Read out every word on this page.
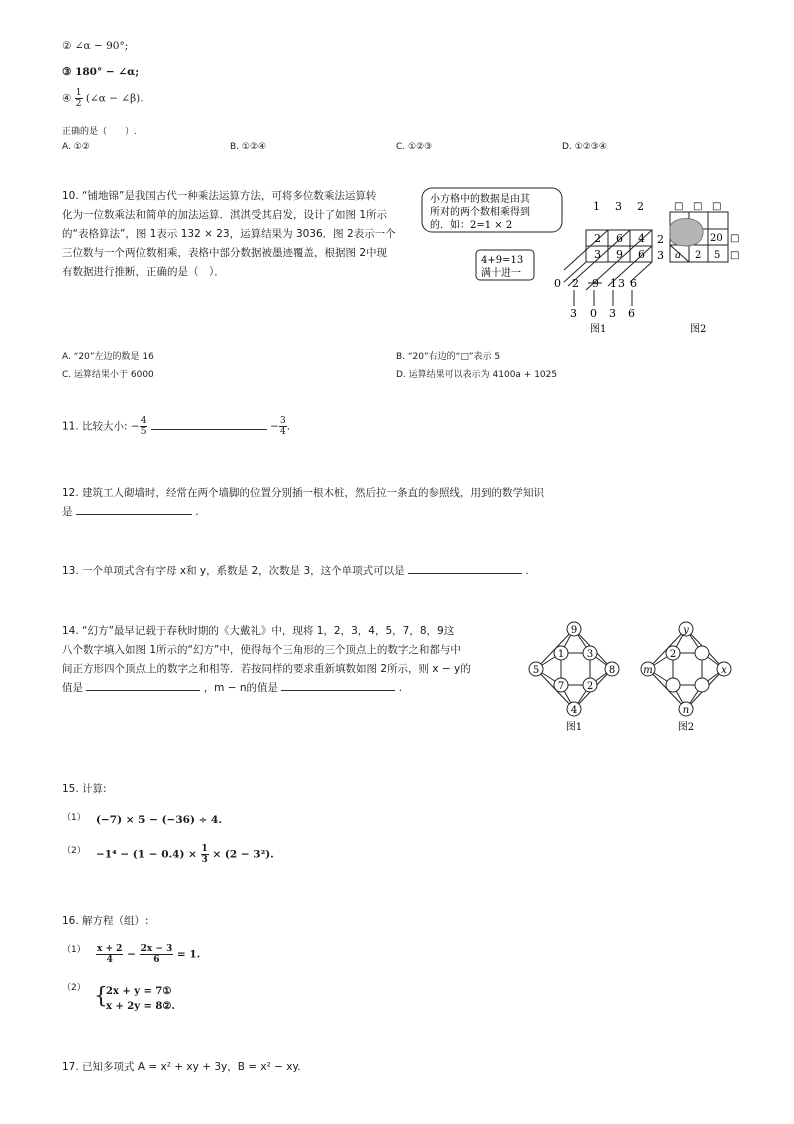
② ∠α − 90°;
③ 180° − ∠α;
④ $\frac{1}{2}$ (∠α − ∠β).
正确的是（　　）.
A. ①②	B. ①②④	C. ①②③	D. ①②③④
10. “铺地锦”是我国古代一种乘法运算方法，可将多位数乘法运算转
化为一位数乘法和简单的加法运算．淇淇受其启发，设计了如图 1所示
的“表格算法”，图 1表示 132 × 23，运算结果为 3036．图 2表示一个
三位数与一个两位数相乘，表格中部分数据被墨迹覆盖，根据图 2中现
有数据进行推断，正确的是（　）．
小方格中的数据是由其
所对的两个数相乘得到
的．如：2=1 × 2
1 3 2
2
3
2 6 4
3 9 6
4+9=13
满十进一
0 2 9 1 3 6
3 0 3 6
图1
□ □ □
20
a 2 5
□
□
图2
A. “20”左边的数是 16	B. “20”右边的“□”表示 5
C. 运算结果小于 6000	D. 运算结果可以表示为 4100a + 1025
11. 比较大小: − $\frac{4}{5}$	− $\frac{3}{4}$ .
12. 建筑工人砌墙时，经常在两个墙脚的位置分别插一根木桩，然后拉一条直的参照线，用到的数学知识
是	.
13. 一个单项式含有字母 x和 y，系数是 2，次数是 3，这个单项式可以是	.
14. “幻方”最早记载于春秋时期的《大戴礼》中，现将 1，2，3，4，5，7，8，9这
八个数字填入如图 1所示的“幻方”中，使得每个三角形的三个顶点上的数字之和都与中
间正方形四个顶点上的数字之和相等．若按同样的要求重新填数如图 2所示，则 x − y的
值是	，m − n的值是	.
9
5	8
4
1 3
7 2
图1
y
m	x
n
2
图2
15. 计算:
（1） (−7) × 5 − (−36) ÷ 4.
$(2) -1^4 - (1 - 0.4) \times \frac{1}{3} \times (2 - 3^2)$.
16. 解方程（组）:
$(1) \frac{x + 2}{4} - \frac{2x - 3}{6} = 1$.
（2） {
2x + y = 7①
x + 2y = 8②.
17. 已知多项式 A = x² + xy + 3y，B = x² − xy.
